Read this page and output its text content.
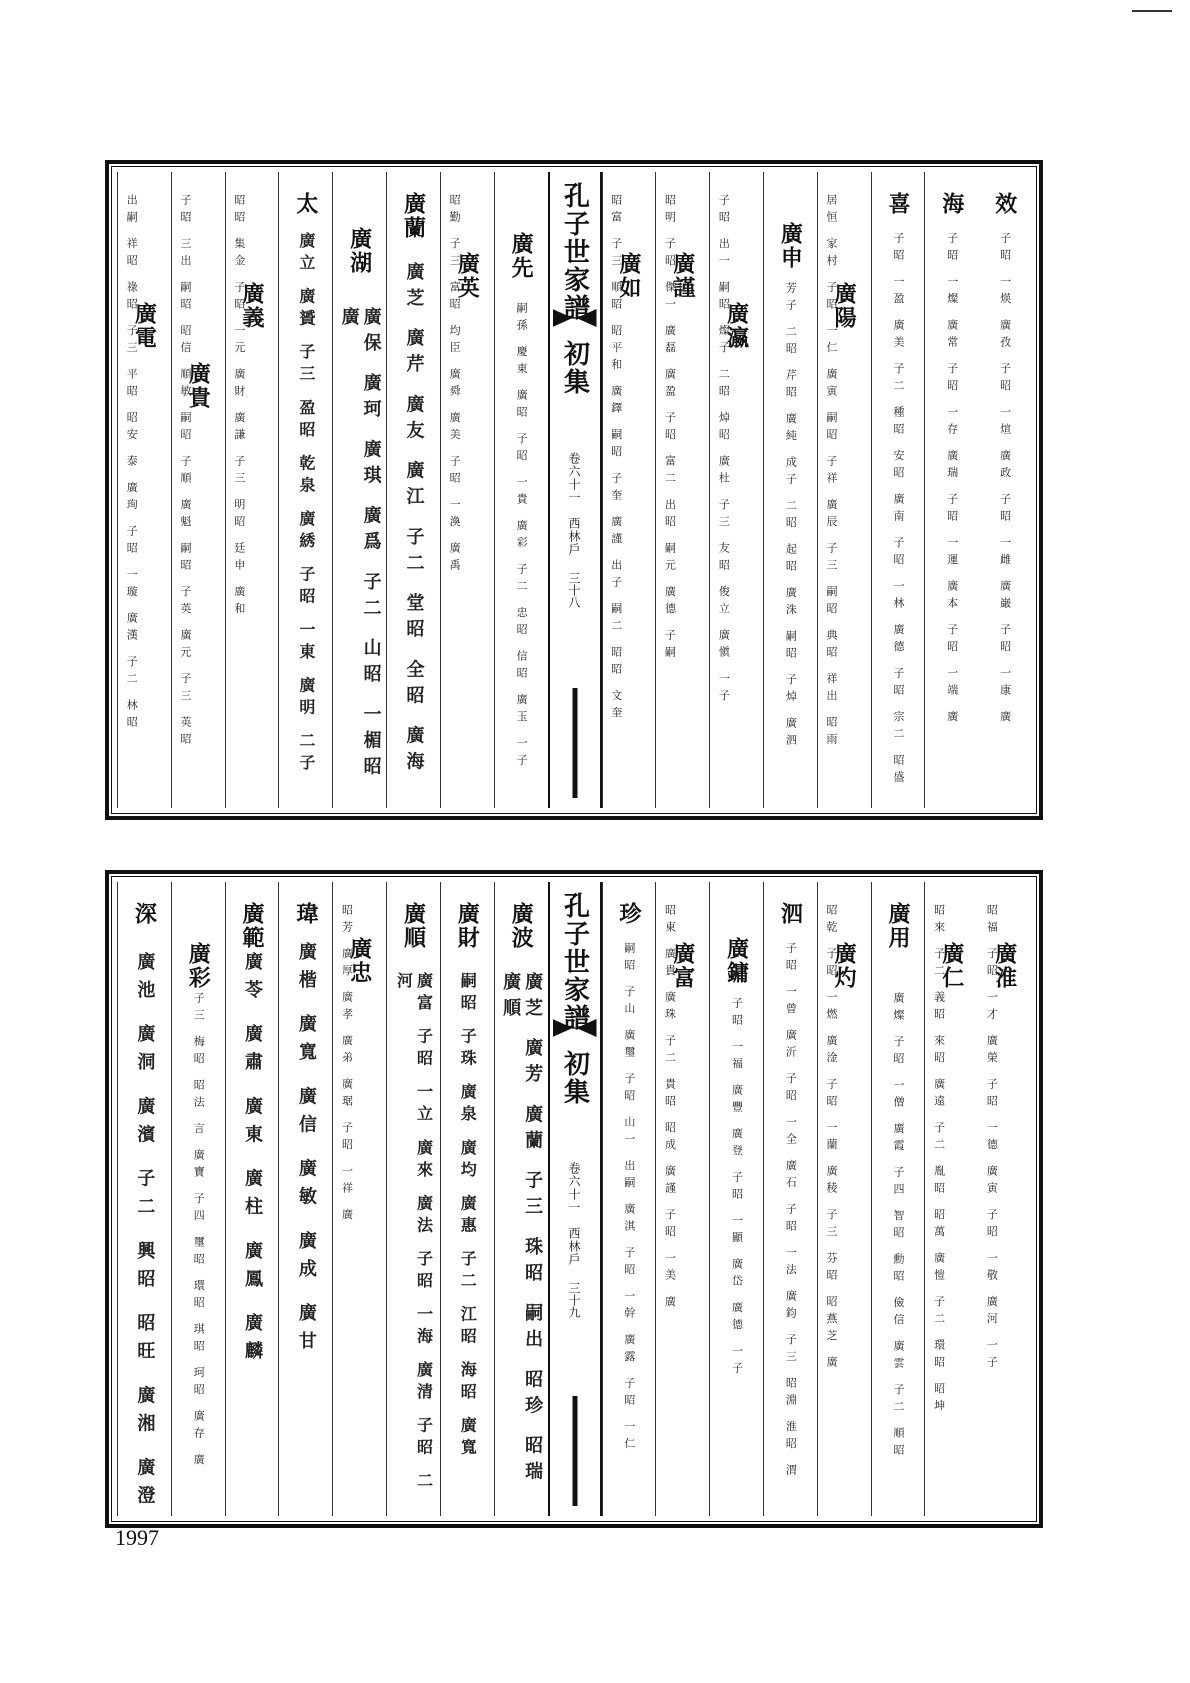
效
子昭 一煐 廣孜 子昭 一煊 廣政 子昭 一雌 廣巌 子昭 一康 廣
海
子昭 一燦 廣常 子昭 一存 廣瑞 子昭 一運 廣本 子昭 一端 廣
喜
子昭 一盈 廣美 子二 種昭 安昭 廣南 子昭 一林 廣德 子昭 宗二 昭盛
廣陽
居恒 家村 子昭 一仁 廣寅 嗣昭 子祥 廣辰 子三 嗣昭 典昭 祥出 昭雨
廣申
芳子 二昭 芹昭 廣純 成子 二昭 起昭 廣洙 嗣昭 子焯 廣泗
廣瀛
子昭 出一 嗣昭 燦子 二昭 焯昭 廣杜 子三 友昭 俊立 廣愼 一子
廣謹
昭明 子昭 傑一 廣磊 廣盈 子昭 富二 出昭 嗣元 廣德 子嗣
廣如
昭富 子三 順昭 昭平和 廣鐸 嗣昭 子奎 廣謹 出子 嗣二 昭昭 文奎
孔子世家譜
初集
卷六十一　西林戶
三十八
廣先
嗣孫 慶東 廣昭 子昭 一貴 廣彩 子二 忠昭 信昭 廣玉 一子
廣英
昭勤 子三 富昭 均臣 廣舜 廣美 子昭 一渙 廣禹
廣蘭
廣芝 廣芹 廣友 廣江 子二 堂昭 全昭 廣海
廣湖
廣保 廣珂 廣琪 廣爲 子二 山昭 一楣昭 廣
太
廣立 廣贇 子三 盈昭 乾泉 廣綉 子昭 一東 廣明 二子
廣義
昭昭 集金 子昭 一元 廣財 廣謙 子三 明昭 廷申 廣和
廣貴
子昭 三出 嗣昭 昭信 順敏 嗣昭 子順 廣魁 嗣昭 子英 廣元 子三 英昭
廣電
出嗣 祥昭 祿昭 子三 平昭 昭安 泰 廣珣 子昭 一璇 廣漢 子二 林昭
廣淮
昭福 子昭 一才 廣榮 子昭 一德 廣寅 子昭 一敬 廣河 一子
廣仁
昭來 子二 義昭 來昭 廣遠 子二 胤昭 昭萬 廣愷 子二 環昭 昭坤
廣用
廣燦 子昭 一僧 廣霞 子四 智昭 勳昭 儉信 廣雲 子二 順昭
廣灼
昭乾 子昭 一燃 廣淦 子昭 一蘭 廣稜 子三 芬昭 昭燕芝 廣
泗
子昭 一曾 廣沂 子昭 一全 廣石 子昭 一法 廣鈞 子三 昭淵 淮昭 渭
廣鏞
子昭 一福 廣豐 廣登 子昭 一顯 廣岱 廣德 一子
廣富
昭東 廣貴 廣珠 子二 貴昭 昭成 廣謹 子昭 一美 廣
珍
嗣昭 子山 廣璽 子昭 山一 出嗣 廣淇 子昭 一幹 廣露 子昭 一仁
孔子世家譜
初集
卷六十一　西林戶
三十九
廣波
廣芝 廣芳 廣蘭 子三 珠昭 嗣出 昭珍 昭瑞 廣順
廣財
嗣昭 子珠 廣泉 廣均 廣惠 子二 江昭 海昭 廣寬
廣順
廣富 子昭 一立 廣來 廣法 子昭 一海 廣清 子昭 二河
廣忠
昭芳 廣厚 廣孝 廣弟 廣琚 子昭 一祥 廣
瑋
廣楷 廣寬 廣信 廣敏 廣成 廣甘
廣範
廣苓 廣肅 廣東 廣柱 廣鳳 廣麟
廣彩
子三 梅昭 昭法 言 廣寶 子四 璽昭 環昭 琪昭 珂昭 廣存 廣
深
廣池 廣洞 廣濱 子二 興昭 昭旺 廣湘 廣澄
1997
